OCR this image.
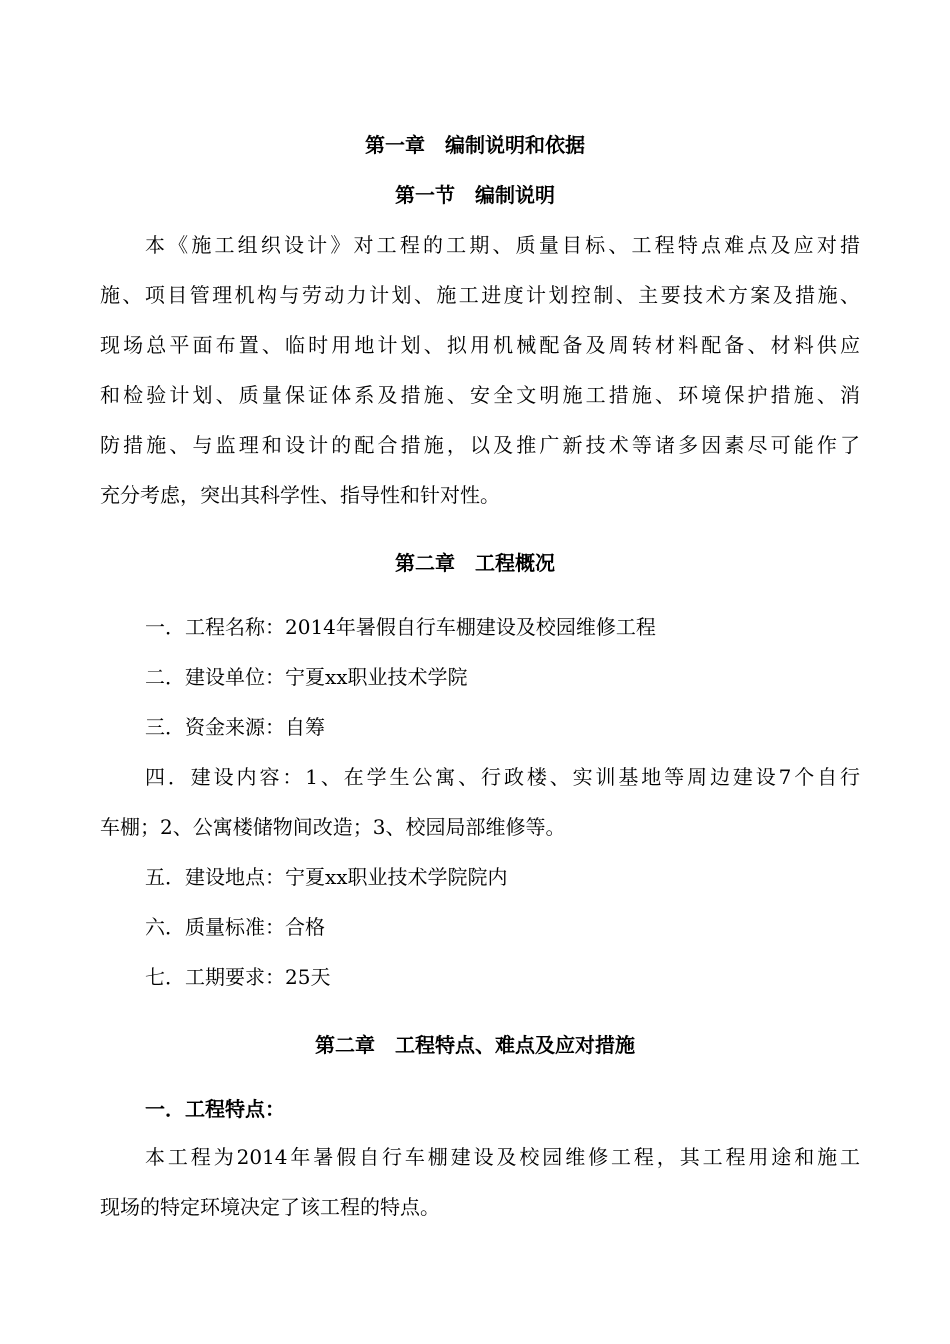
第一章　编制说明和依据
第一节　编制说明
本《施工组织设计》对工程的工期、质量目标、工程特点难点及应对措
施、项目管理机构与劳动力计划、施工进度计划控制、主要技术方案及措施、
现场总平面布置、临时用地计划、拟用机械配备及周转材料配备、材料供应
和检验计划、质量保证体系及措施、安全文明施工措施、环境保护措施、消
防措施、与监理和设计的配合措施，以及推广新技术等诸多因素尽可能作了
充分考虑，突出其科学性、指导性和针对性。
第二章　工程概况
一．工程名称：2014年暑假自行车棚建设及校园维修工程
二．建设单位：宁夏xx职业技术学院
三．资金来源：自筹
四．建设内容：1、在学生公寓、行政楼、实训基地等周边建设7个自行
车棚；2、公寓楼储物间改造；3、校园局部维修等。
五．建设地点：宁夏xx职业技术学院院内
六．质量标准：合格
七．工期要求：25天
第二章　工程特点、难点及应对措施
一．工程特点：
本工程为2014年暑假自行车棚建设及校园维修工程，其工程用途和施工
现场的特定环境决定了该工程的特点。
